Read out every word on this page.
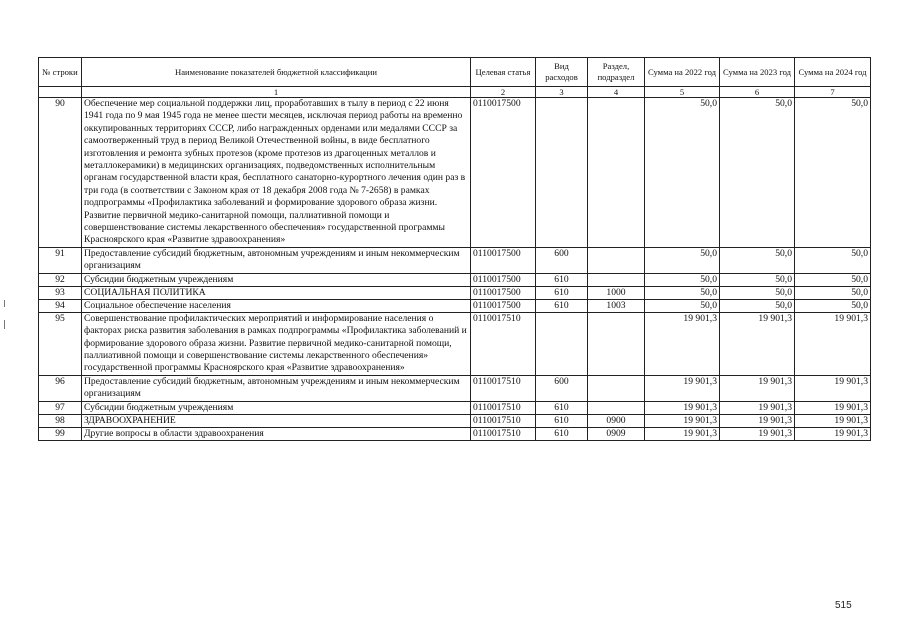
№ строки	Наименование показателей бюджетной классификации	Целевая статья	Вид расходов	Раздел, подраздел	Сумма на 2022 год	Сумма на 2023 год	Сумма на 2024 год
	1	2	3	4	5	6	7
90	Обеспечение мер социальной поддержки лиц, проработавших в тылу в период с 22 июня 1941 года по 9 мая 1945 года не менее шести месяцев, исключая период работы на временно оккупированных территориях СССР, либо награжденных орденами или медалями СССР за самоотверженный труд в период Великой Отечественной войны, в виде бесплатного изготовления и ремонта зубных протезов (кроме протезов из драгоценных металлов и металлокерамики) в медицинских организациях, подведомственных исполнительным органам государственной власти края, бесплатного санаторно-курортного лечения один раз в три года (в соответствии с Законом края от 18 декабря 2008 года № 7-2658) в рамках подпрограммы «Профилактика заболеваний и формирование здорового образа жизни. Развитие первичной медико-санитарной помощи, паллиативной помощи и совершенствование системы лекарственного обеспечения» государственной программы Красноярского края «Развитие здравоохранения»	0110017500			50,0	50,0	50,0
91	Предоставление субсидий бюджетным, автономным учреждениям и иным некоммерческим организациям	0110017500	600		50,0	50,0	50,0
92	Субсидии бюджетным учреждениям	0110017500	610		50,0	50,0	50,0
93	СОЦИАЛЬНАЯ ПОЛИТИКА	0110017500	610	1000	50,0	50,0	50,0
94	Социальное обеспечение населения	0110017500	610	1003	50,0	50,0	50,0
95	Совершенствование профилактических мероприятий и информирование населения о факторах риска развития заболевания в рамках подпрограммы «Профилактика заболеваний и формирование здорового образа жизни. Развитие первичной медико-санитарной помощи, паллиативной помощи и совершенствование системы лекарственного обеспечения» государственной программы Красноярского края «Развитие здравоохранения»	0110017510			19 901,3	19 901,3	19 901,3
96	Предоставление субсидий бюджетным, автономным учреждениям и иным некоммерческим организациям	0110017510	600		19 901,3	19 901,3	19 901,3
97	Субсидии бюджетным учреждениям	0110017510	610		19 901,3	19 901,3	19 901,3
98	ЗДРАВООХРАНЕНИЕ	0110017510	610	0900	19 901,3	19 901,3	19 901,3
99	Другие вопросы в области здравоохранения	0110017510	610	0909	19 901,3	19 901,3	19 901,3
515
